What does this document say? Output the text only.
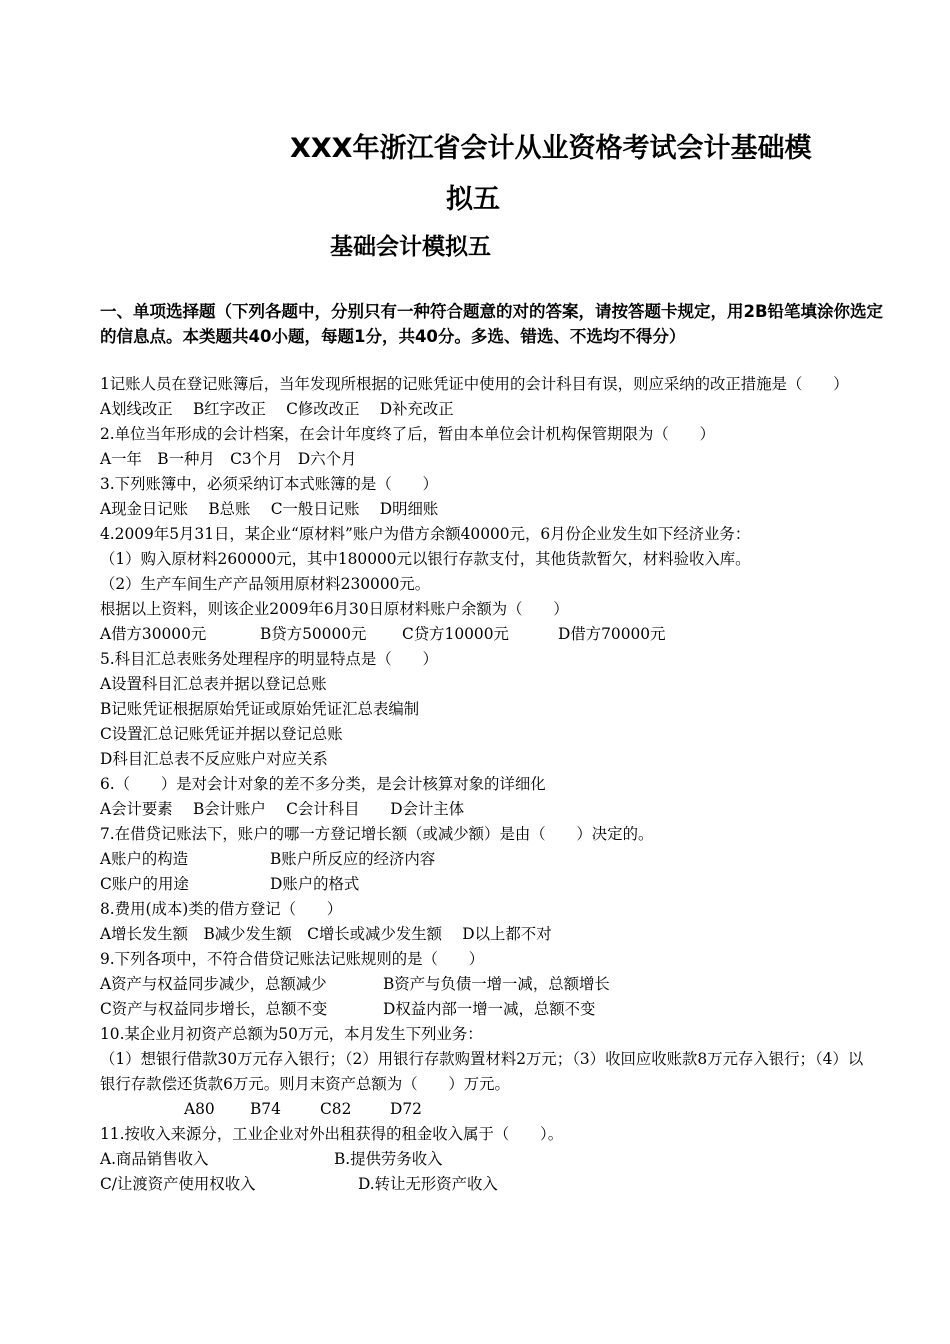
XXX年浙江省会计从业资格考试会计基础模
拟五
基础会计模拟五
一、单项选择题（下列各题中，分别只有一种符合题意的对的答案，请按答题卡规定，用2B铅笔填涂你选定的信息点。本类题共40小题，每题1分，共40分。多选、错选、不选均不得分）
1记账人员在登记账簿后，当年发现所根据的记账凭证中使用的会计科目有误，则应采纳的改正措施是（　　）
A划线改正　 B红字改正　 C修改改正　 D补充改正
2.单位当年形成的会计档案，在会计年度终了后，暂由本单位会计机构保管期限为（　　）
A一年　B一种月　C3个月　D六个月
3.下列账簿中，必须采纳订本式账簿的是（　　）
A现金日记账　 B总账　 C一般日记账　 D明细账
4.2009年5月31日，某企业“原材料”账户为借方余额40000元，6月份企业发生如下经济业务：
（1）购入原材料260000元，其中180000元以银行存款支付，其他货款暂欠，材料验收入库。
（2）生产车间生产产品领用原材料230000元。
根据以上资料，则该企业2009年6月30日原材料账户余额为（　　）
A借方30000元	B贷方50000元 C贷方10000元	D借方70000元
5.科目汇总表账务处理程序的明显特点是（　　）
A设置科目汇总表并据以登记总账
B记账凭证根据原始凭证或原始凭证汇总表编制
C设置汇总记账凭证并据以登记总账
D科目汇总表不反应账户对应关系
6.（　　）是对会计对象的差不多分类，是会计核算对象的详细化
A会计要素　 B会计账户　 C会计科目　　D会计主体
7.在借贷记账法下，账户的哪一方登记增长额（或减少额）是由（　　）决定的。
A账户的构造	B账户所反应的经济内容
C账户的用途	D账户的格式
8.费用(成本)类的借方登记（　　）
A增长发生额　B减少发生额　C增长或减少发生额　 D以上都不对
9.下列各项中，不符合借贷记账法记账规则的是（　　）
A资产与权益同步减少，总额减少	B资产与负债一增一减，总额增长
C资产与权益同步增长，总额不变	D权益内部一增一减，总额不变
10.某企业月初资产总额为50万元，本月发生下列业务：
（1）想银行借款30万元存入银行；（2）用银行存款购置材料2万元；（3）收回应收账款8万元存入银行；（4）以银行存款偿还货款6万元。则月末资产总额为（　　）万元。
A80 B74	C82	D72
11.按收入来源分，工业企业对外出租获得的租金收入属于（　　）。
A.商品销售收入	B.提供劳务收入
C/让渡资产使用权收入	D.转让无形资产收入
